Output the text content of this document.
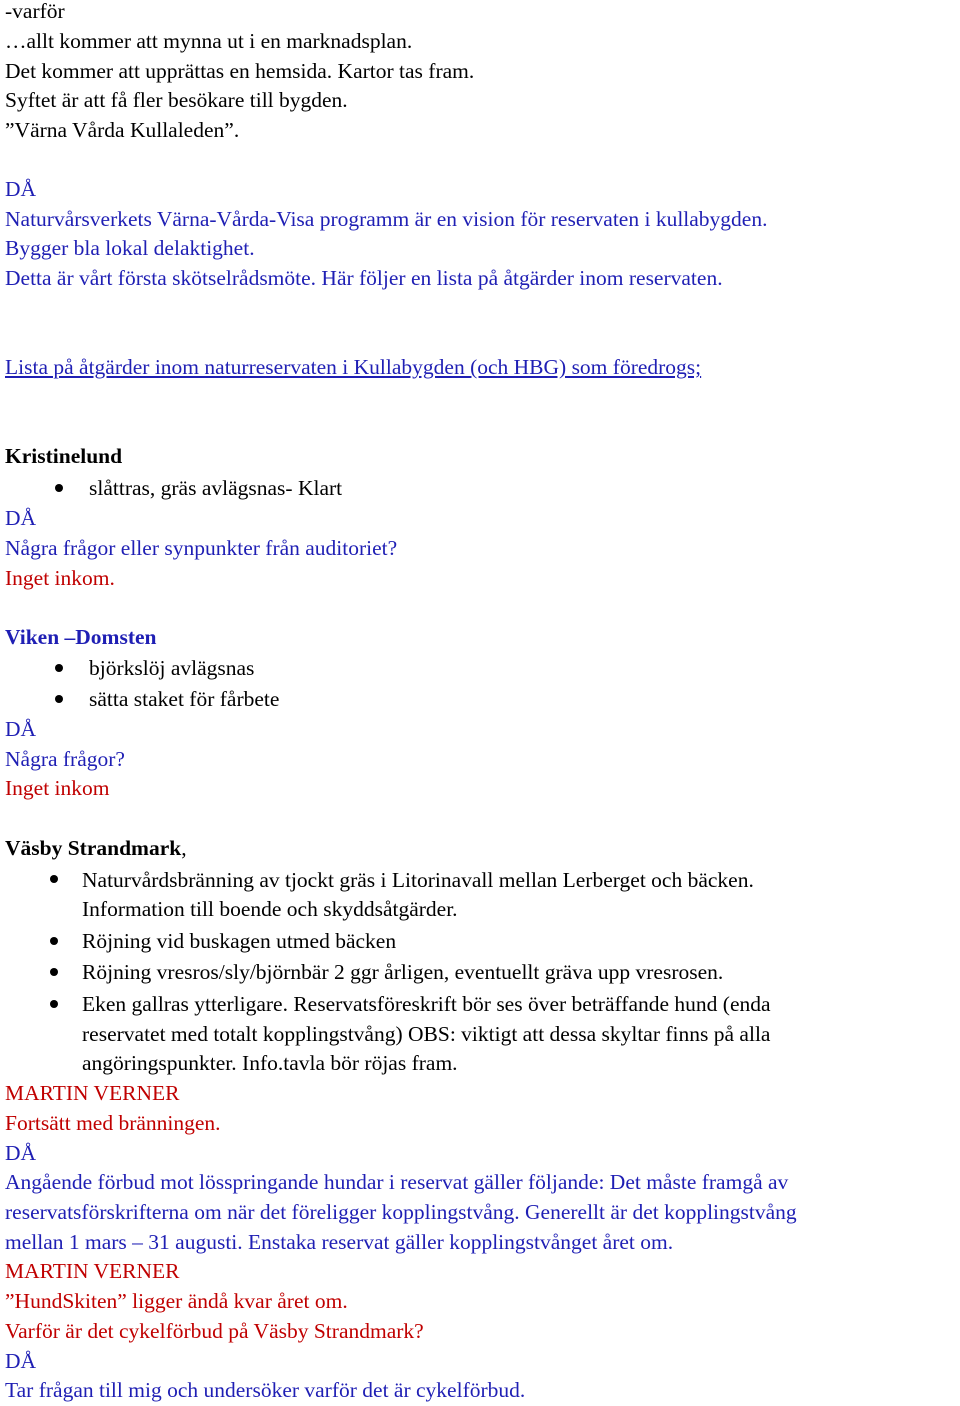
-varför
…allt kommer att mynna ut i en marknadsplan.
Det kommer att upprättas en hemsida. Kartor tas fram.
Syftet är att få fler besökare till bygden.
”Värna Vårda Kullaleden”.
DÅ
Naturvårsverkets Värna-Vårda-Visa programm är en vision för reservaten i kullabygden.
Bygger bla lokal delaktighet.
Detta är vårt första skötselrådsmöte. Här följer en lista på åtgärder inom reservaten.
Lista på åtgärder inom naturreservaten i Kullabygden (och HBG) som föredrogs;
Kristinelund
slåttras, gräs avlägsnas- Klart
DÅ
Några frågor eller synpunkter från auditoriet?
Inget inkom.
Viken –Domsten
björkslöj avlägsnas
sätta staket för fårbete
DÅ
Några frågor?
Inget inkom
Väsby Strandmark,
Naturvårdsbränning av tjockt gräs i Litorinavall mellan Lerberget och bäcken.
Information till boende och skyddsåtgärder.
Röjning vid buskagen utmed bäcken
Röjning vresros/sly/björnbär 2 ggr årligen, eventuellt gräva upp vresrosen.
Eken gallras ytterligare. Reservatsföreskrift bör ses över beträffande hund (enda
reservatet med totalt kopplingstvång) OBS: viktigt att dessa skyltar finns på alla
angöringspunkter. Info.tavla bör röjas fram.
MARTIN VERNER
Fortsätt med bränningen.
DÅ
Angående förbud mot lösspringande hundar i reservat gäller följande: Det måste framgå av
reservatsförskrifterna om när det föreligger kopplingstvång. Generellt är det kopplingstvång
mellan 1 mars – 31 augusti. Enstaka reservat gäller kopplingstvånget året om.
MARTIN VERNER
”HundSkiten” ligger ändå kvar året om.
Varför är det cykelförbud på Väsby Strandmark?
DÅ
Tar frågan till mig och undersöker varför det är cykelförbud.
